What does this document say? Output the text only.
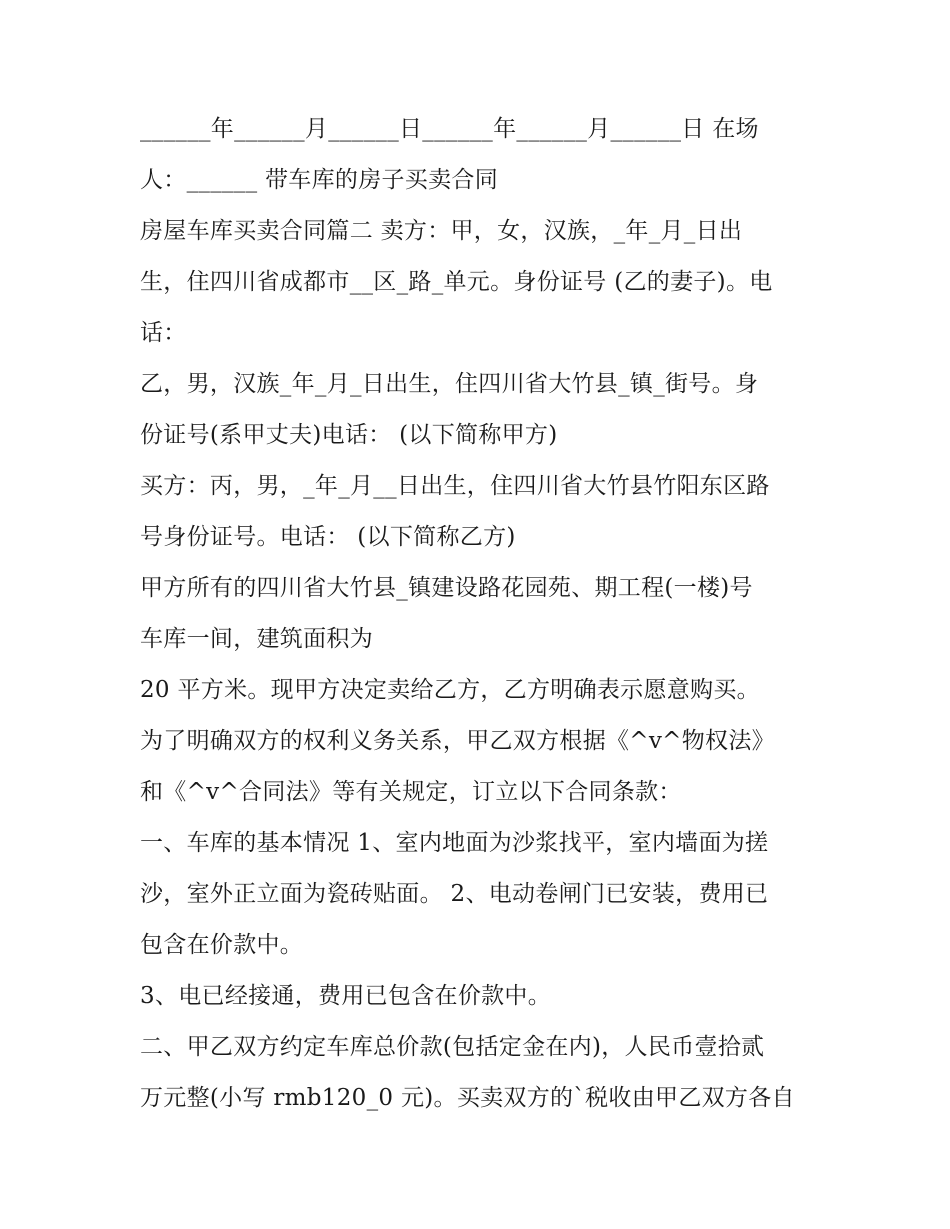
______年______月______日______年______月______日 在场
人：______ 带车库的房子买卖合同
房屋车库买卖合同篇二 卖方：甲，女，汉族，_年_月_日出
生，住四川省成都市__区_路_单元。身份证号 (乙的妻子)。电
话：
乙，男，汉族_年_月_日出生，住四川省大竹县_镇_街号。身
份证号(系甲丈夫)电话： (以下简称甲方)
买方：丙，男，_年_月__日出生，住四川省大竹县竹阳东区路
号身份证号。电话： (以下简称乙方)
甲方所有的四川省大竹县_镇建设路花园苑、期工程(一楼)号
车库一间，建筑面积为
20 平方米。现甲方决定卖给乙方，乙方明确表示愿意购买。
为了明确双方的权利义务关系，甲乙双方根据《^v^物权法》
和《^v^合同法》等有关规定，订立以下合同条款：
一、车库的基本情况 1、室内地面为沙浆找平，室内墙面为搓
沙，室外正立面为瓷砖贴面。 2、电动卷闸门已安装，费用已
包含在价款中。
3、电已经接通，费用已包含在价款中。
二、甲乙双方约定车库总价款(包括定金在内)，人民币壹拾贰
万元整(小写 rmb120_0 元)。买卖双方的`税收由甲乙双方各自
